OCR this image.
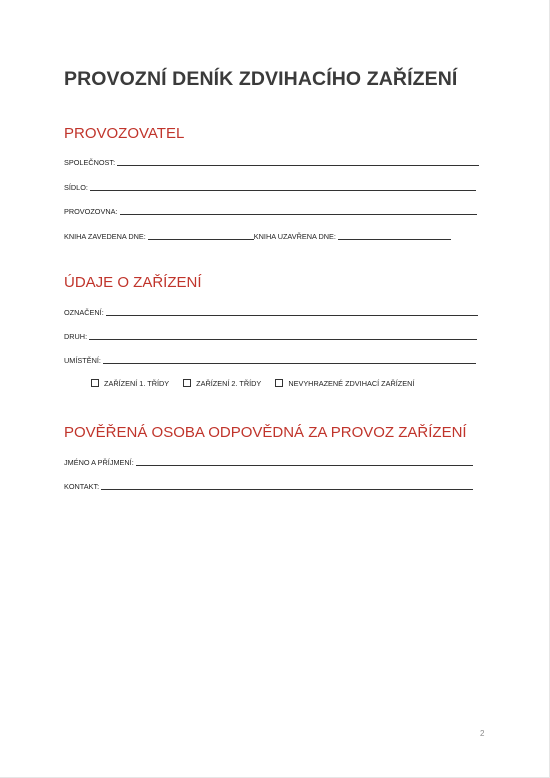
PROVOZNÍ DENÍK ZDVIHACÍHO ZAŘÍZENÍ
PROVOZOVATEL
SPOLEČNOST:
SÍDLO:
PROVOZOVNA:
KNIHA ZAVEDENA DNE:	KNIHA UZAVŘENA DNE:
ÚDAJE O ZAŘÍZENÍ
OZNAČENÍ:
DRUH:
UMÍSTĚNÍ:
ZAŘÍZENÍ 1. TŘÍDY	ZAŘÍZENÍ 2. TŘÍDY	NEVYHRAZENÉ ZDVIHACÍ ZAŘÍZENÍ
POVĚŘENÁ OSOBA ODPOVĚDNÁ ZA PROVOZ ZAŘÍZENÍ
JMÉNO A PŘÍJMENÍ:
KONTAKT:
2
